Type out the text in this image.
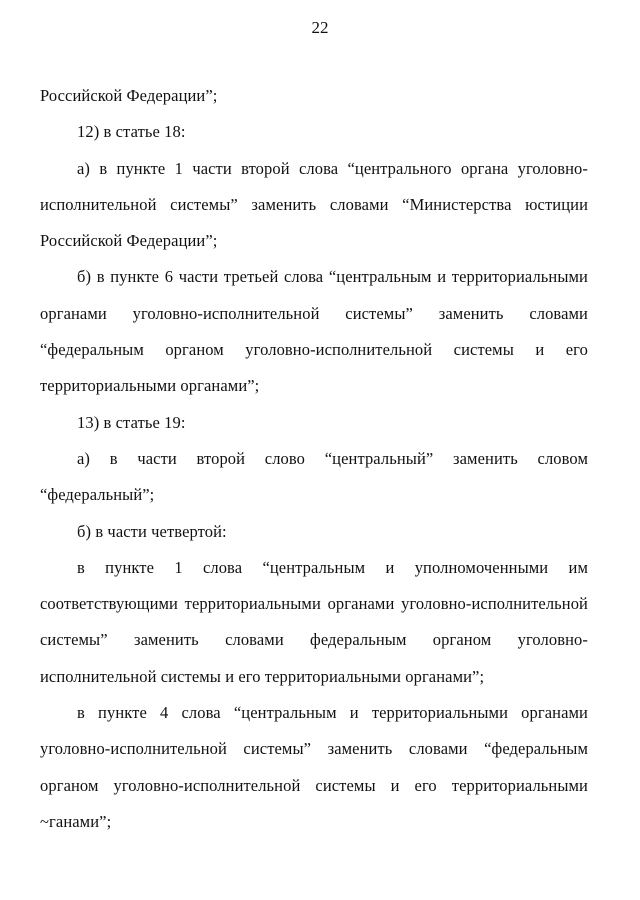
22

Российской Федерации”;

12) в статье 18:

а) в пункте 1 части второй слова “центрального органа уголовно-исполнительной системы” заменить словами “Министерства юстиции Российской Федерации”;

б) в пункте 6 части третьей слова “центральным и территориальными органами уголовно-исполнительной системы” заменить словами “федеральным органом уголовно-исполнительной системы и его территориальными органами”;

13) в статье 19:

а) в части второй слово “центральный” заменить словом “федеральный”;

б) в части четвертой:

в пункте 1 слова “центральным и уполномоченными им соответствующими территориальными органами уголовно-исполнительной системы” заменить словами федеральным органом уголовно-исполнительной системы и его территориальными органами”;

в пункте 4 слова “центральным и территориальными органами уголовно-исполнительной системы” заменить словами “федеральным органом уголовно-исполнительной системы и его территориальными ~ганами”;
